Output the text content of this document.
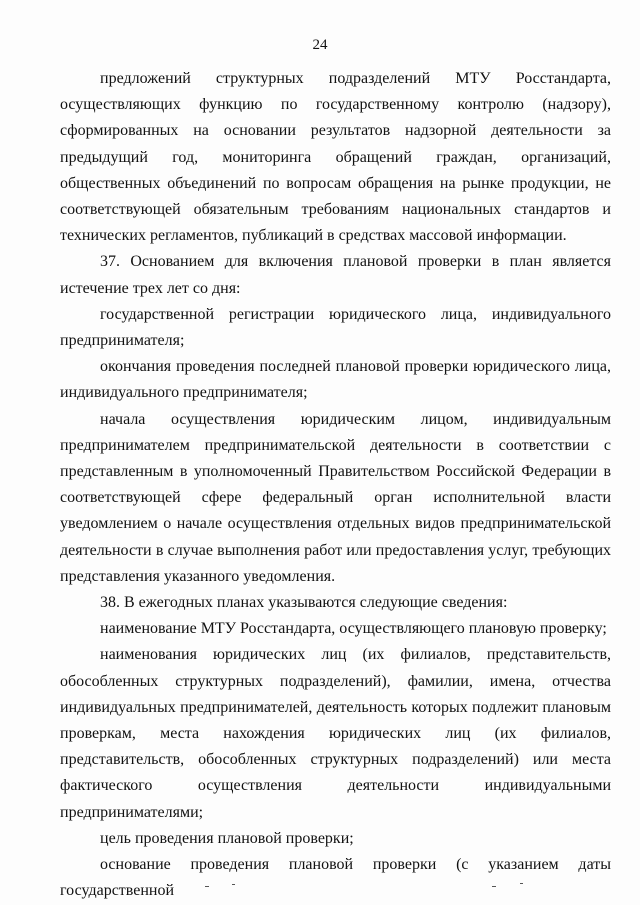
24

предложений структурных подразделений МТУ Росстандарта, осуществляющих функцию по государственному контролю (надзору), сформированных на основании результатов надзорной деятельности за предыдущий год, мониторинга обращений граждан, организаций, общественных объединений по вопросам обращения на рынке продукции, не соответствующей обязательным требованиям национальных стандартов и технических регламентов, публикаций в средствах массовой информации.

37. Основанием для включения плановой проверки в план является истечение трех лет со дня:

государственной регистрации юридического лица, индивидуального предпринимателя;

окончания проведения последней плановой проверки юридического лица, индивидуального предпринимателя;

начала осуществления юридическим лицом, индивидуальным предпринимателем предпринимательской деятельности в соответствии с представленным в уполномоченный Правительством Российской Федерации в соответствующей сфере федеральный орган исполнительной власти уведомлением о начале осуществления отдельных видов предпринимательской деятельности в случае выполнения работ или предоставления услуг, требующих представления указанного уведомления.

38. В ежегодных планах указываются следующие сведения:

наименование МТУ Росстандарта, осуществляющего плановую проверку;

наименования юридических лиц (их филиалов, представительств, обособленных структурных подразделений), фамилии, имена, отчества индивидуальных предпринимателей, деятельность которых подлежит плановым проверкам, места нахождения юридических лиц (их филиалов, представительств, обособленных структурных подразделений) или места фактического осуществления деятельности индивидуальными предпринимателями;

цель проведения плановой проверки;

основание проведения плановой проверки (с указанием даты государственной
